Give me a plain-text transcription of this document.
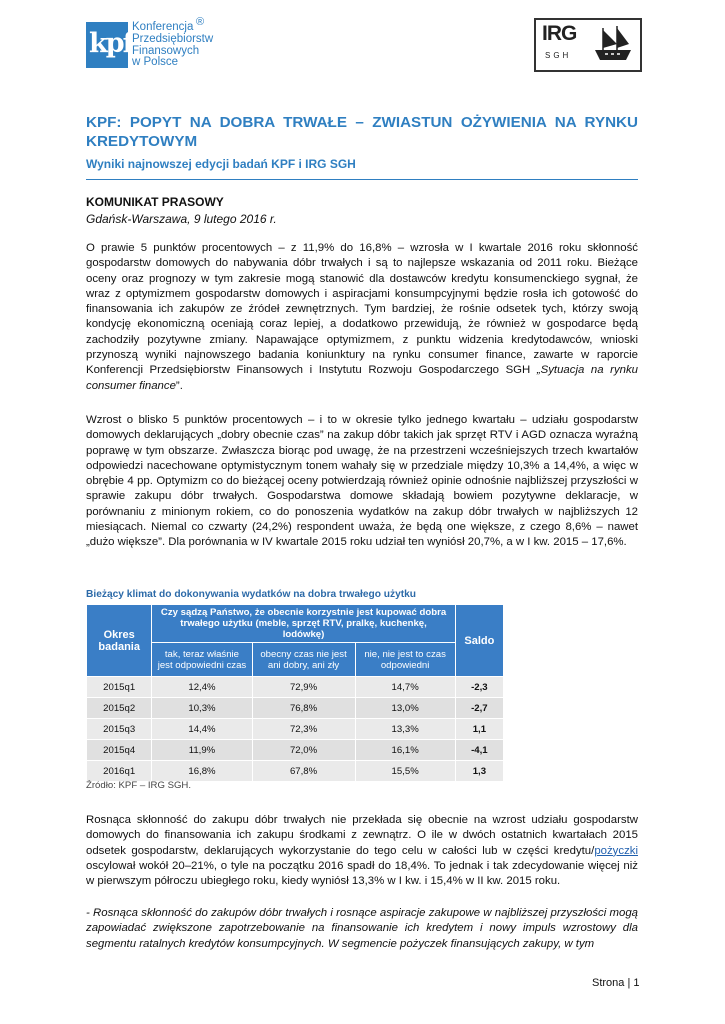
kpf
Konferencja
Przedsiębiorstw
Finansowych
w Polsce
®	IRG
SGH
KPF: POPYT NA DOBRA TRWAŁE – ZWIASTUN OŻYWIENIA NA RYNKU KREDYTOWYM
Wyniki najnowszej edycji badań KPF i IRG SGH
KOMUNIKAT PRASOWY
Gdańsk-Warszawa, 9 lutego 2016 r.

O prawie 5 punktów procentowych – z 11,9% do 16,8% – wzrosła w I kwartale 2016 roku skłonność gospodarstw domowych do nabywania dóbr trwałych i są to najlepsze wskazania od 2011 roku. Bieżące oceny oraz prognozy w tym zakresie mogą stanowić dla dostawców kredytu konsumenckiego sygnał, że wraz z optymizmem gospodarstw domowych i aspiracjami konsumpcyjnymi będzie rosła ich gotowość do finansowania ich zakupów ze źródeł zewnętrznych. Tym bardziej, że rośnie odsetek tych, którzy swoją kondycję ekonomiczną oceniają coraz lepiej, a dodatkowo przewidują, że również w gospodarce będą zachodziły pozytywne zmiany. Napawające optymizmem, z punktu widzenia kredytodawców, wnioski przynoszą wyniki najnowszego badania koniunktury na rynku consumer finance, zawarte w raporcie Konferencji Przedsiębiorstw Finansowych i Instytutu Rozwoju Gospodarczego SGH „Sytuacja na rynku consumer finance”.

Wzrost o blisko 5 punktów procentowych – i to w okresie tylko jednego kwartału – udziału gospodarstw domowych deklarujących „dobry obecnie czas” na zakup dóbr takich jak sprzęt RTV i AGD oznacza wyraźną poprawę w tym obszarze. Zwłaszcza biorąc pod uwagę, że na przestrzeni wcześniejszych trzech kwartałów odpowiedzi nacechowane optymistycznym tonem wahały się w przedziale między 10,3% a 14,4%, a więc w obrębie 4 pp. Optymizm co do bieżącej oceny potwierdzają również opinie odnośnie najbliższej przyszłości w sprawie zakupu dóbr trwałych. Gospodarstwa domowe składają bowiem pozytywne deklaracje, w porównaniu z minionym rokiem, co do ponoszenia wydatków na zakup dóbr trwałych w najbliższych 12 miesiącach. Niemal co czwarty (24,2%) respondent uważa, że będą one większe, z czego 8,6% – nawet „dużo większe”. Dla porównania w IV kwartale 2015 roku udział ten wyniósł 20,7%, a w I kw. 2015 – 17,6%.

Bieżący klimat do dokonywania wydatków na dobra trwałego użytku
Okres badania	Czy sądzą Państwo, że obecnie korzystnie jest kupować dobra trwałego użytku (meble, sprzęt RTV, pralkę, kuchenkę, lodówkę)			Saldo
	tak, teraz właśnie jest odpowiedni czas	obecny czas nie jest ani dobry, ani zły	nie, nie jest to czas odpowiedni	
2015q1	12,4%	72,9%	14,7%	-2,3
2015q2	10,3%	76,8%	13,0%	-2,7
2015q3	14,4%	72,3%	13,3%	1,1
2015q4	11,9%	72,0%	16,1%	-4,1
2016q1	16,8%	67,8%	15,5%	1,3
Źródło: KPF – IRG SGH.

Rosnąca skłonność do zakupu dóbr trwałych nie przekłada się obecnie na wzrost udziału gospodarstw domowych do finansowania ich zakupu środkami z zewnątrz. O ile w dwóch ostatnich kwartałach 2015 odsetek gospodarstw, deklarujących wykorzystanie do tego celu w całości lub w części kredytu/pożyczki oscylował wokół 20–21%, o tyle na początku 2016 spadł do 18,4%. To jednak i tak zdecydowanie więcej niż w pierwszym półroczu ubiegłego roku, kiedy wyniósł 13,3% w I kw. i 15,4% w II kw. 2015 roku.

- Rosnąca skłonność do zakupów dóbr trwałych i rosnące aspiracje zakupowe w najbliższej przyszłości mogą zapowiadać zwiększone zapotrzebowanie na finansowanie ich kredytem i nowy impuls wzrostowy dla segmentu ratalnych kredytów konsumpcyjnych. W segmencie pożyczek finansujących zakupy, w tym

Strona | 1
